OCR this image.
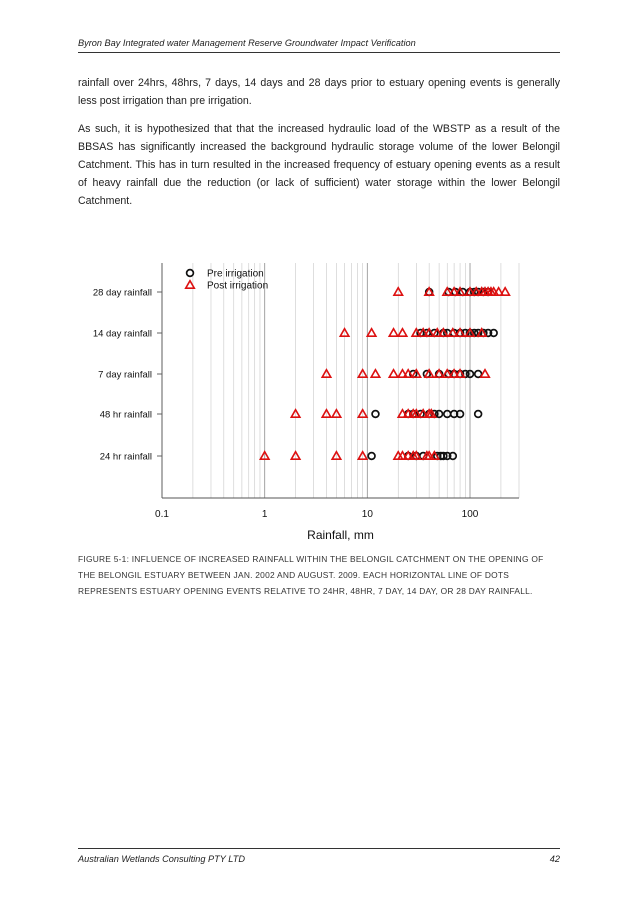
Byron Bay Integrated water Management Reserve Groundwater Impact Verification

rainfall over 24hrs, 48hrs, 7 days, 14 days and 28 days prior to estuary opening events is generally less post irrigation than pre irrigation.

As such, it is hypothesized that that the increased hydraulic load of the WBSTP as a result of the BBSAS has significantly increased the background hydraulic storage volume of the lower Belongil Catchment. This has in turn resulted in the increased frequency of estuary opening events as a result of heavy rainfall due the reduction (or lack of sufficient) water storage within the lower Belongil Catchment.

0.1	1	10	100
Rainfall, mm
28 day rainfall
14 day rainfall
7 day rainfall
48 hr rainfall
24 hr rainfall
Pre irrigation
Post irrigation
FIGURE 5-1: INFLUENCE OF INCREASED RAINFALL WITHIN THE BELONGIL CATCHMENT ON THE OPENING OF THE BELONGIL ESTUARY BETWEEN JAN. 2002 AND AUGUST. 2009. EACH HORIZONTAL LINE OF DOTS REPRESENTS ESTUARY OPENING EVENTS RELATIVE TO 24HR, 48HR, 7 DAY, 14 DAY, OR 28 DAY RAINFALL.
Australian Wetlands Consulting PTY LTD	42
